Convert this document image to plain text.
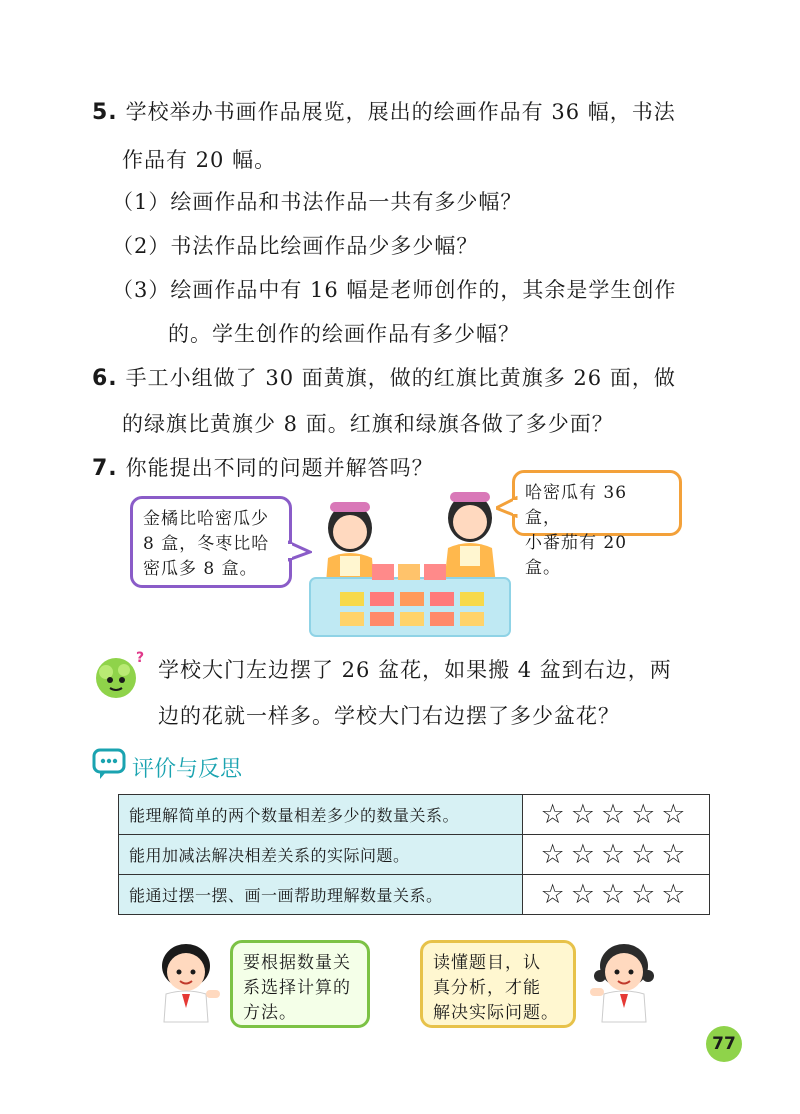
5. 学校举办书画作品展览，展出的绘画作品有 36 幅，书法
作品有 20 幅。
（1）绘画作品和书法作品一共有多少幅？
（2）书法作品比绘画作品少多少幅？
（3）绘画作品中有 16 幅是老师创作的，其余是学生创作
的。学生创作的绘画作品有多少幅？
6. 手工小组做了 30 面黄旗，做的红旗比黄旗多 26 面，做
的绿旗比黄旗少 8 面。红旗和绿旗各做了多少面？
7. 你能提出不同的问题并解答吗？
金橘比哈密瓜少
8 盒，冬枣比哈
密瓜多 8 盒。
哈密瓜有 36 盒，
小番茄有 20 盒。
? 学校大门左边摆了 26 盆花，如果搬 4 盆到右边，两
边的花就一样多。学校大门右边摆了多少盆花？
评价与反思
能理解简单的两个数量相差多少的数量关系。	☆☆☆☆☆
能用加减法解决相差关系的实际问题。	☆☆☆☆☆
能通过摆一摆、画一画帮助理解数量关系。	☆☆☆☆☆
要根据数量关
系选择计算的
方法。
读懂题目，认
真分析，才能
解决实际问题。
77
